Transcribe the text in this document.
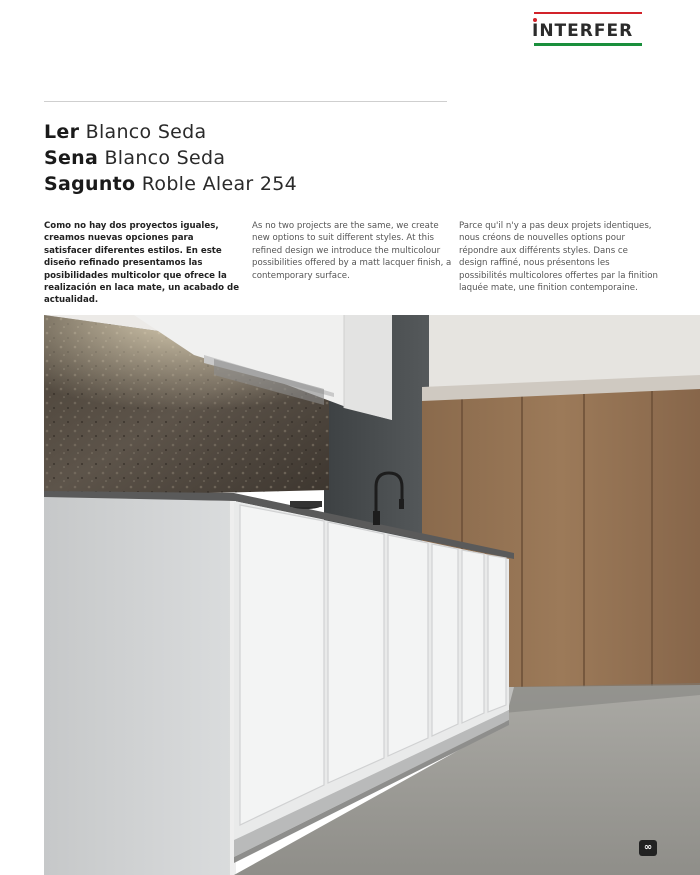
INTERFER
Ler Blanco Seda
Sena Blanco Seda
Sagunto Roble Alear 254
Como no hay dos proyectos iguales, creamos nuevas opciones para satisfacer diferentes estilos. En este diseño refinado presentamos las posibilidades multicolor que ofrece la realización en laca mate, un acabado de actualidad.
As no two projects are the same, we create new options to suit different styles. At this refined design we introduce the multicolour possibilities offered by a matt lacquer finish, a contemporary surface.
Parce qu'il n'y a pas deux projets identiques, nous créons de nouvelles options pour répondre aux différents styles. Dans ce design raffiné, nous présentons les possibilités multicolores offertes par la finition laquée mate, une finition contemporaine.
∞
